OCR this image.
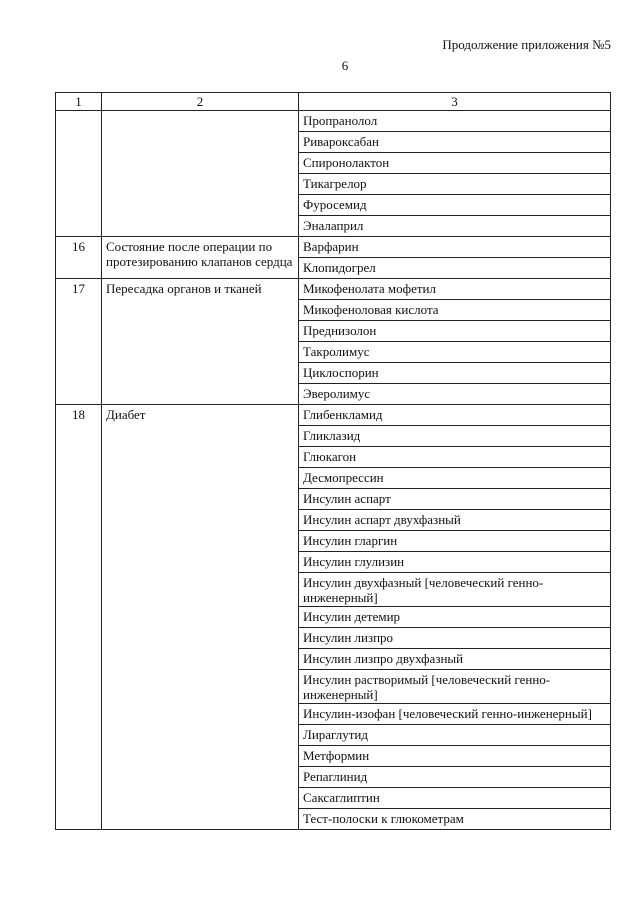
Продолжение приложения №5
6
1	2	3
		Пропранолол
		Ривароксабан
		Спиронолактон
		Тикагрелор
		Фуросемид
		Эналаприл
16	Состояние после операции по протезированию клапанов сердца	Варфарин
		Клопидогрел
17	Пересадка органов и тканей	Микофенолата мофетил
		Микофеноловая кислота
		Преднизолон
		Такролимус
		Циклоспорин
		Эверолимус
18	Диабет	Глибенкламид
		Гликлазид
		Глюкагон
		Десмопрессин
		Инсулин аспарт
		Инсулин аспарт двухфазный
		Инсулин гларгин
		Инсулин глулизин
		Инсулин двухфазный [человеческий генно-инженерный]
		Инсулин детемир
		Инсулин лизпро
		Инсулин лизпро двухфазный
		Инсулин растворимый [человеческий генно-инженерный]
		Инсулин-изофан [человеческий генно-инженерный]
		Лираглутид
		Метформин
		Репаглинид
		Саксаглиптин
		Тест-полоски к глюкометрам
